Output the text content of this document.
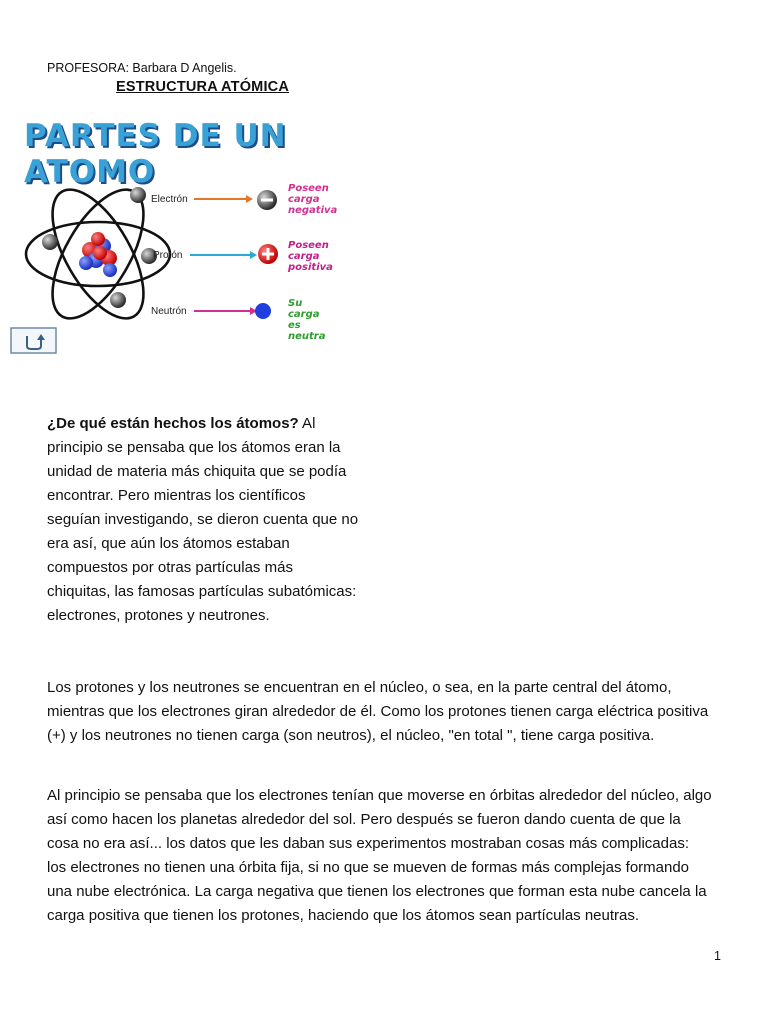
PROFESORA: Barbara D Angelis.
ESTRUCTURA ATÓMICA
Electrón
Protón
Neutrón
Poseen
carga
negativa
Poseen
carga
positiva
Su
carga
es
neutra
PARTES DE UN ATOMO
¿De qué están hechos los átomos? Al principio se pensaba que los átomos eran la unidad de materia más chiquita que se podía encontrar. Pero mientras los científicos seguían investigando, se dieron cuenta que no era así, que aún los átomos estaban compuestos por otras partículas más chiquitas, las famosas partículas subatómicas: electrones, protones y neutrones.
Los protones y los neutrones se encuentran en el núcleo, o sea, en la parte central del átomo, mientras que los electrones giran alrededor de él. Como los protones tienen carga eléctrica positiva (+) y los neutrones no tienen carga (son neutros), el núcleo, "en total ", tiene carga positiva.
Al principio se pensaba que los electrones tenían que moverse en órbitas alrededor del núcleo, algo así como hacen los planetas alrededor del sol. Pero después se fueron dando cuenta de que la cosa no era así... los datos que les daban sus experimentos mostraban cosas más complicadas: los electrones no tienen una órbita fija, si no que se mueven de formas más complejas formando una nube electrónica. La carga negativa que tienen los electrones que forman esta nube cancela la carga positiva que tienen los protones, haciendo que los átomos sean partículas neutras.
1
